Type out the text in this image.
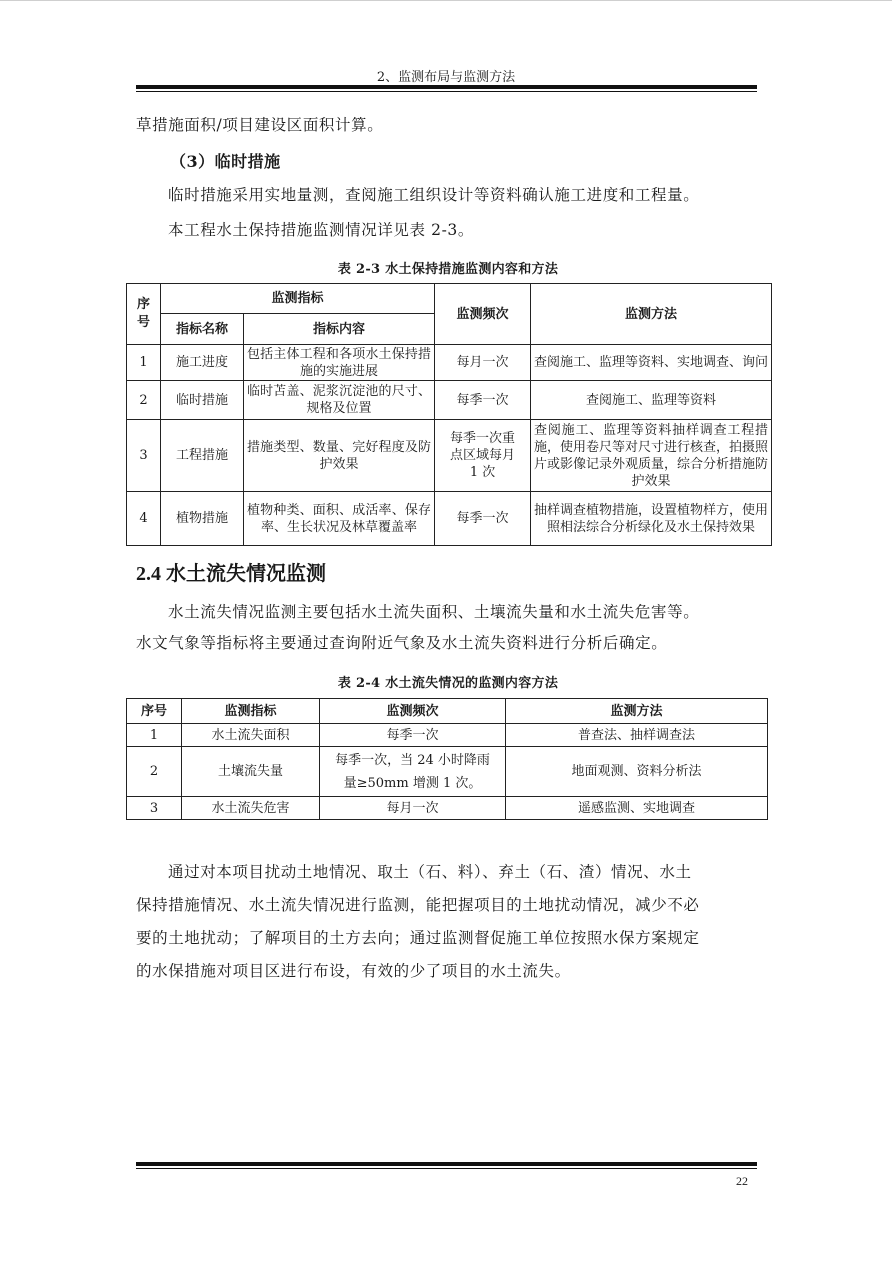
2、监测布局与监测方法
草措施面积/项目建设区面积计算。
（3）临时措施
临时措施采用实地量测，查阅施工组织设计等资料确认施工进度和工程量。
本工程水土保持措施监测情况详见表 2-3。
表 2-3 水土保持措施监测内容和方法
序号	监测指标		监测频次	监测方法
	指标名称	指标内容		
1	施工进度	包括主体工程和各项水土保持措施的实施进展	每月一次	查阅施工、监理等资料、实地调查、询问
2	临时措施	临时苫盖、泥浆沉淀池的尺寸、规格及位置	每季一次	查阅施工、监理等资料
3	工程措施	措施类型、数量、完好程度及防护效果	每季一次重点区域每月 1 次	查阅施工、监理等资料抽样调查工程措施，使用卷尺等对尺寸进行核查，拍摄照片或影像记录外观质量，综合分析措施防护效果
4	植物措施	植物种类、面积、成活率、保存率、生长状况及林草覆盖率	每季一次	抽样调查植物措施，设置植物样方，使用照相法综合分析绿化及水土保持效果
2.4 水土流失情况监测
水土流失情况监测主要包括水土流失面积、土壤流失量和水土流失危害等。
水文气象等指标将主要通过查询附近气象及水土流失资料进行分析后确定。
表 2-4 水土流失情况的监测内容方法
序号	监测指标	监测频次	监测方法
1	水土流失面积	每季一次	普查法、抽样调查法
2	土壤流失量	每季一次，当 24 小时降雨量≥50mm 增测 1 次。	地面观测、资料分析法
3	水土流失危害	每月一次	遥感监测、实地调查
通过对本项目扰动土地情况、取土（石、料）、弃土（石、渣）情况、水土
保持措施情况、水土流失情况进行监测，能把握项目的土地扰动情况，减少不必
要的土地扰动；了解项目的土方去向；通过监测督促施工单位按照水保方案规定
的水保措施对项目区进行布设，有效的少了项目的水土流失。
22
